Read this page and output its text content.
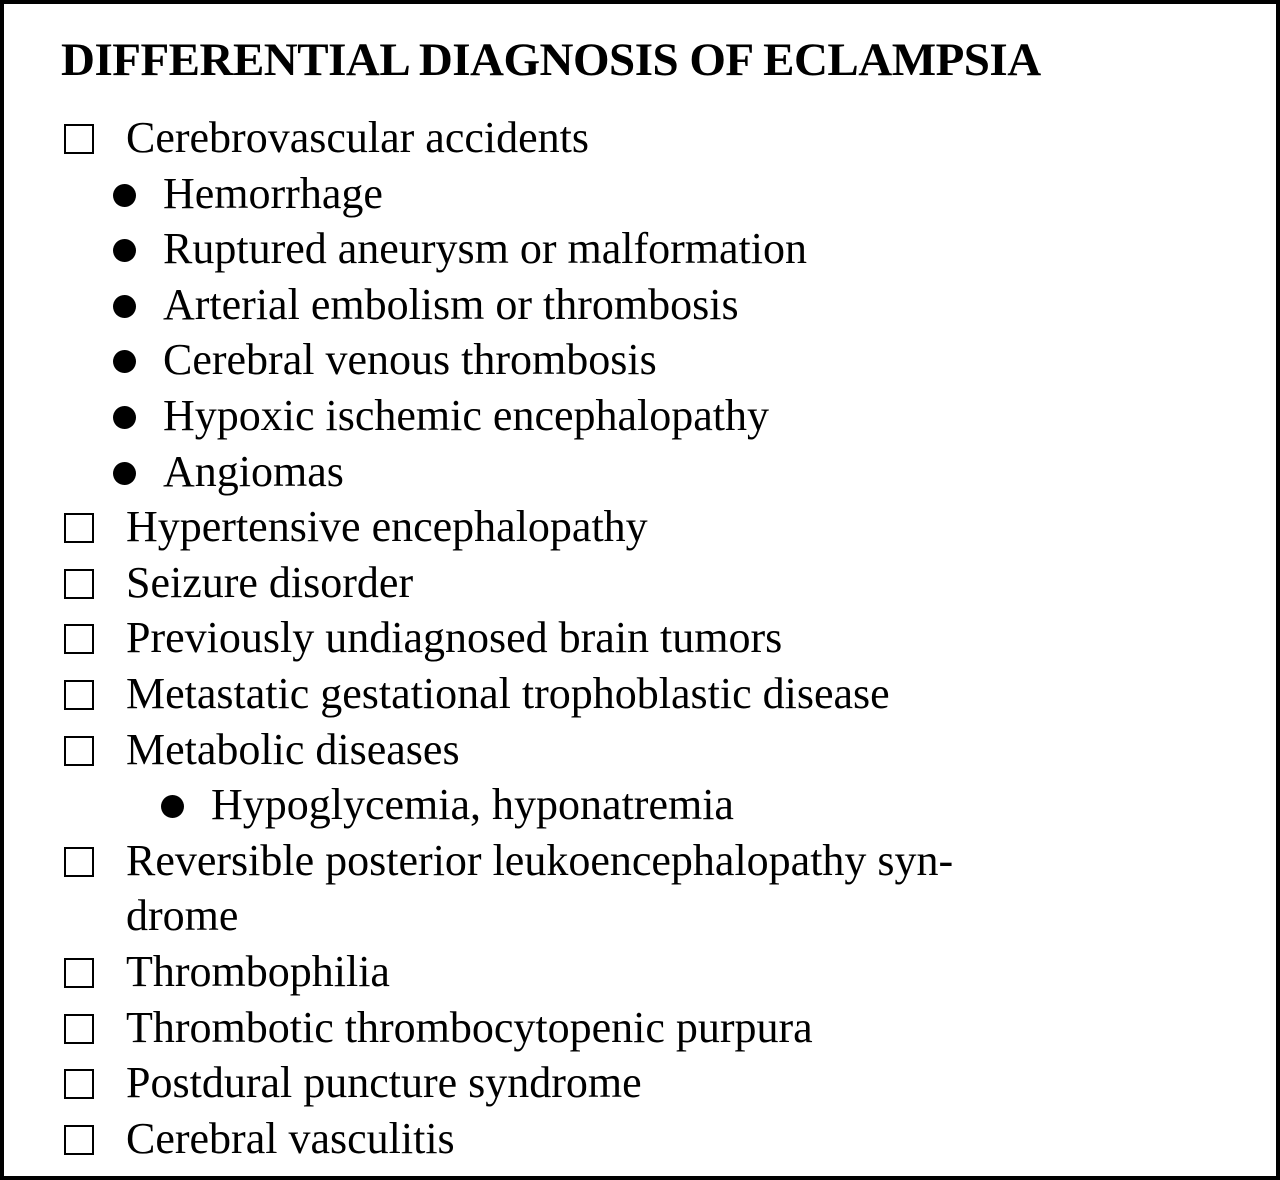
DIFFERENTIAL DIAGNOSIS OF ECLAMPSIA
Cerebrovascular accidents
Hemorrhage
Ruptured aneurysm or malformation
Arterial embolism or thrombosis
Cerebral venous thrombosis
Hypoxic ischemic encephalopathy
Angiomas
Hypertensive encephalopathy
Seizure disorder
Previously undiagnosed brain tumors
Metastatic gestational trophoblastic disease
Metabolic diseases
Hypoglycemia, hyponatremia
Reversible posterior leukoencephalopathy syn-
drome
Thrombophilia
Thrombotic thrombocytopenic purpura
Postdural puncture syndrome
Cerebral vasculitis
